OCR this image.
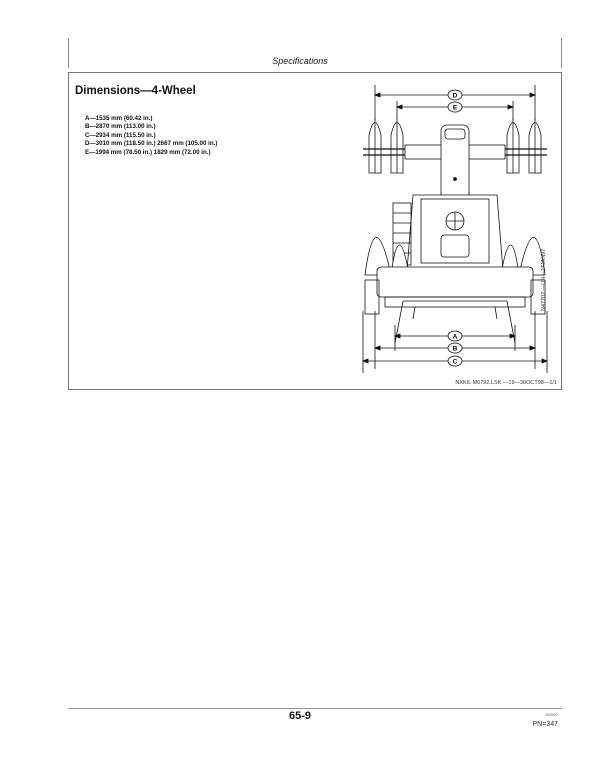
Specifications
Dimensions—4-Wheel
A—1535 mm (60.42 in.)
B—2870 mm (113.00 in.)
C—2934 mm (115.50 in.)
D—3010 mm (118.50 in.) 2667 mm (105.00 in.)
E—1994 mm (78.50 in.) 1829 mm (72.00 in.)
D
E
A
B
C
N47707 —UN—27JAN97
NXKIL M6792.LSK —19—30OCT98—1/1
65-9	110907
PN=347
